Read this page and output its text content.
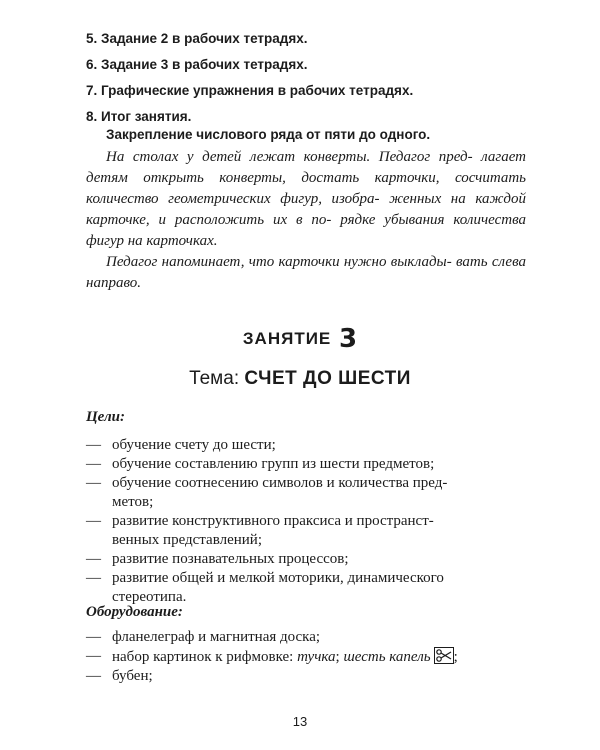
5. Задание 2 в рабочих тетрадях.
6. Задание 3 в рабочих тетрадях.
7. Графические упражнения в рабочих тетрадях.
8. Итог занятия.
Закрепление числового ряда от пяти до одного.

На столах у детей лежат конверты. Педагог пред- лагает детям открыть конверты, достать карточки, сосчитать количество геометрических фигур, изобра- женных на каждой карточке, и расположить их в по- рядке убывания количества фигур на карточках.

Педагог напоминает, что карточки нужно выклады- вать слева направо.

ЗАНЯТИЕ 3
Тема: СЧЕТ ДО ШЕСТИ
Цели:
— обучение счету до шести;
— обучение составлению групп из шести предметов;
— обучение соотнесению символов и количества пред-
метов;
— развитие конструктивного праксиса и пространст-
венных представлений;
— развитие познавательных процессов;
— развитие общей и мелкой моторики, динамического
стереотипа.
Оборудование:
— фланелеграф и магнитная доска;
— набор картинок к рифмовке: тучка; шесть капель ;
— бубен;
13
